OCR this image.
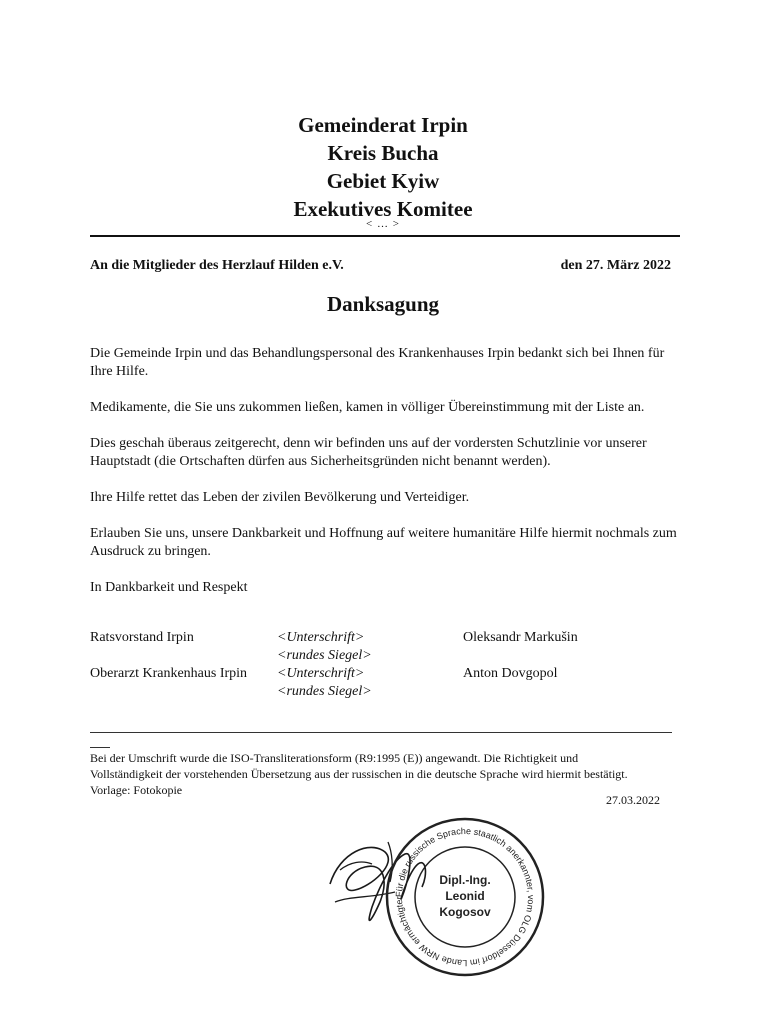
Gemeinderat Irpin
Kreis Bucha
Gebiet Kyiw
Exekutives Komitee
< … >
An die Mitglieder des Herzlauf Hilden e.V.	den 27. März 2022
Danksagung

Die Gemeinde Irpin und das Behandlungspersonal des Krankenhauses Irpin bedankt sich bei Ihnen für Ihre Hilfe.

Medikamente, die Sie uns zukommen ließen, kamen in völliger Übereinstimmung mit der Liste an.

Dies geschah überaus zeitgerecht, denn wir befinden uns auf der vordersten Schutzlinie vor unserer Hauptstadt (die Ortschaften dürfen aus Sicherheitsgründen nicht benannt werden).

Ihre Hilfe rettet das Leben der zivilen Bevölkerung und Verteidiger.

Erlauben Sie uns, unsere Dankbarkeit und Hoffnung auf weitere humanitäre Hilfe hiermit nochmals zum Ausdruck zu bringen.

In Dankbarkeit und Respekt

Ratsvorstand Irpin	<Unterschrift>
<rundes Siegel>
Oleksandr Markušin
Oberarzt Krankenhaus Irpin <Unterschrift>
<rundes Siegel>
Anton Dovgopol
Bei der Umschrift wurde die ISO-Transliterationsform (R9:1995 (E)) angewandt. Die Richtigkeit und
Vollständigkeit der vorstehenden Übersetzung aus der russischen in die deutsche Sprache wird hiermit bestätigt.
Vorlage: Fotokopie
27.03.2022
Für die russische Sprache staatlich anerkannter, vom OLG Düsseldorf im Lande NRW ermächtigter
Dipl.-Ing.
Leonid
Kogosov
